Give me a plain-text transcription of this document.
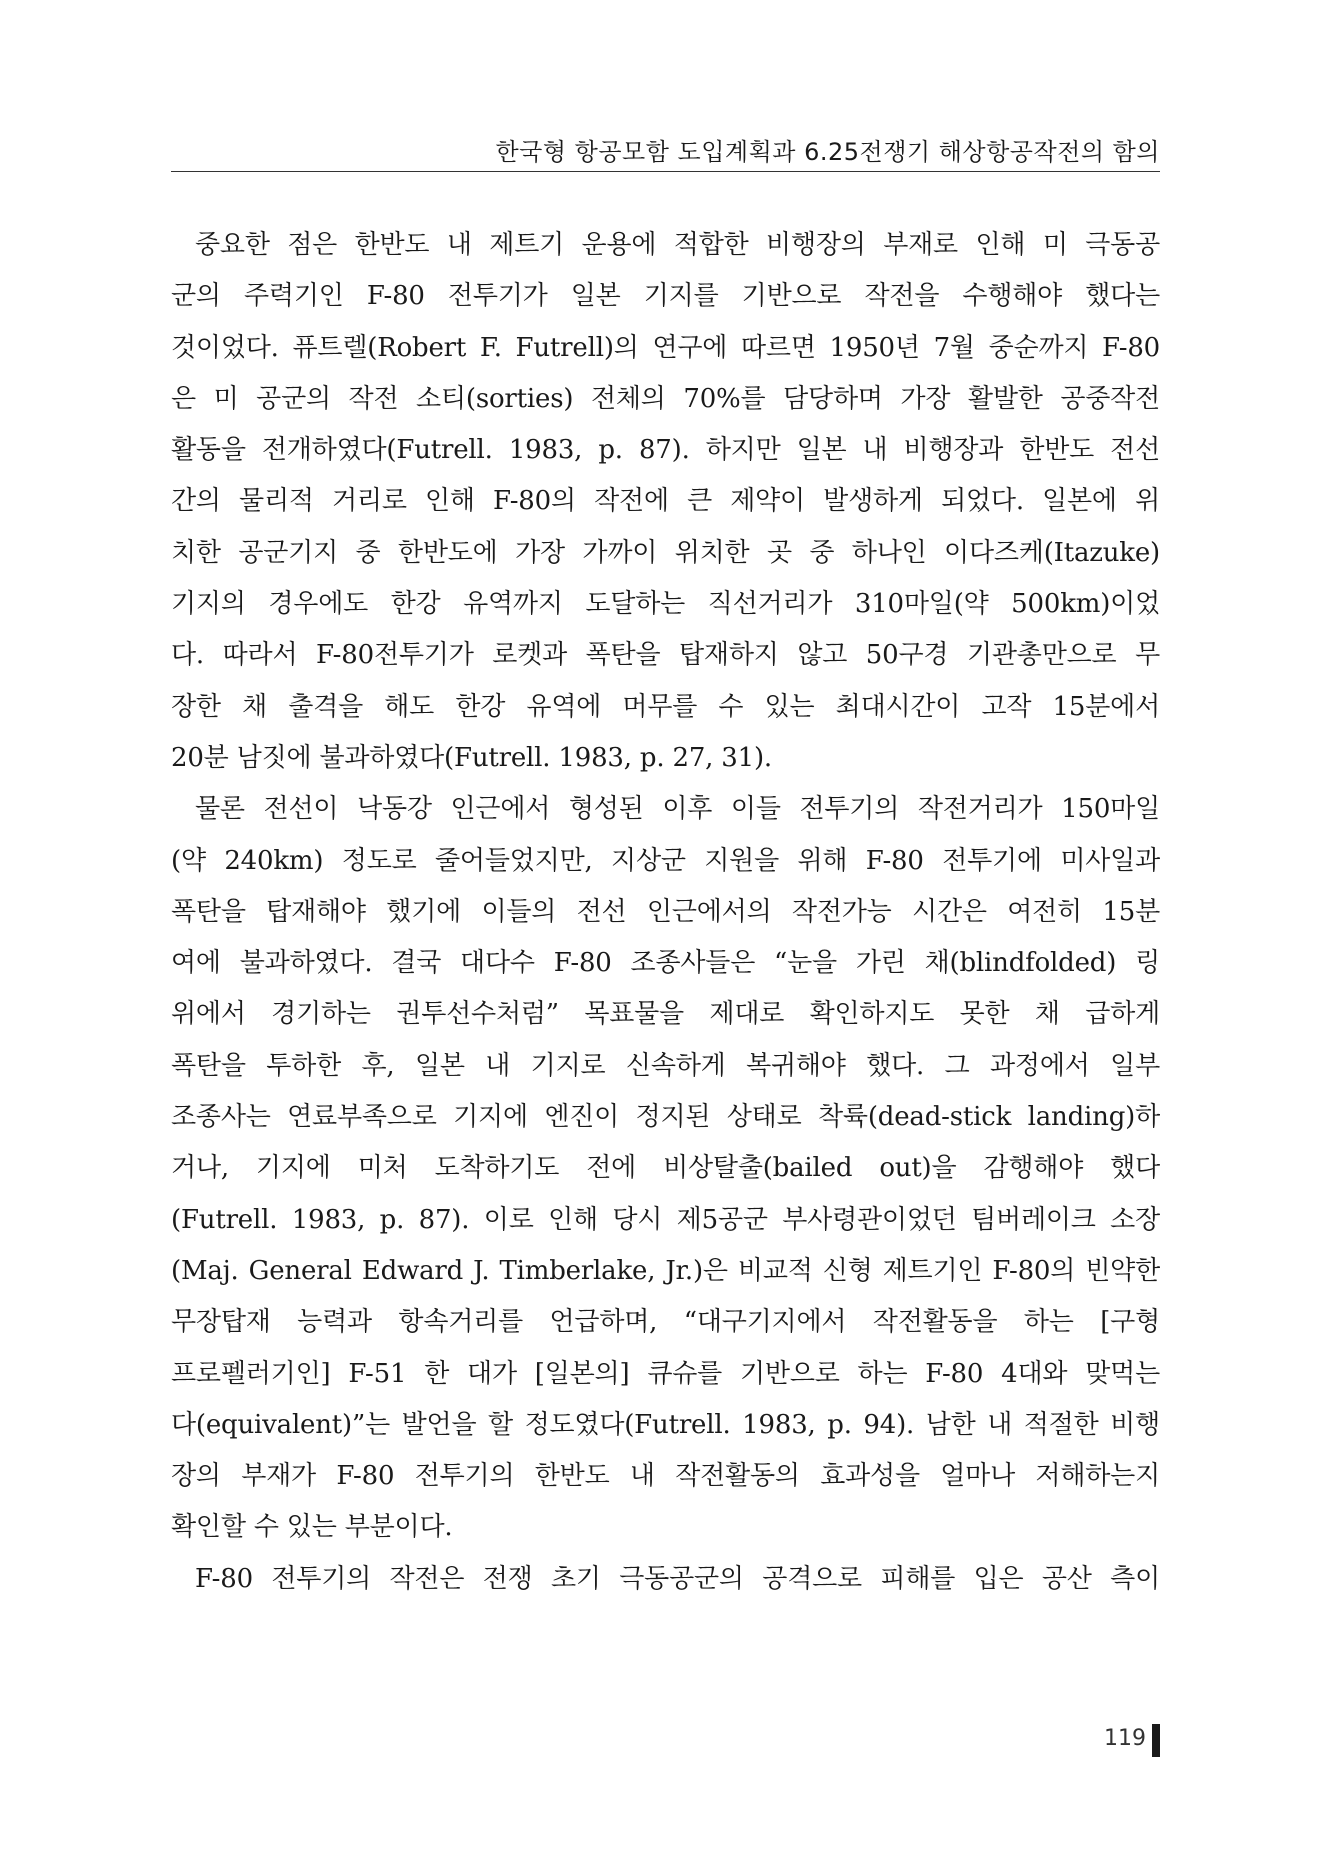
한국형 항공모함 도입계획과 6.25전쟁기 해상항공작전의 함의
중요한 점은 한반도 내 제트기 운용에 적합한 비행장의 부재로 인해 미 극동공
군의 주력기인 F-80 전투기가 일본 기지를 기반으로 작전을 수행해야 했다는
것이었다. 퓨트렐(Robert F. Futrell)의 연구에 따르면 1950년 7월 중순까지 F-80
은 미 공군의 작전 소티(sorties) 전체의 70%를 담당하며 가장 활발한 공중작전
활동을 전개하였다(Futrell. 1983, p. 87). 하지만 일본 내 비행장과 한반도 전선
간의 물리적 거리로 인해 F-80의 작전에 큰 제약이 발생하게 되었다. 일본에 위
치한 공군기지 중 한반도에 가장 가까이 위치한 곳 중 하나인 이다즈케(Itazuke)
기지의 경우에도 한강 유역까지 도달하는 직선거리가 310마일(약 500km)이었
다. 따라서 F-80전투기가 로켓과 폭탄을 탑재하지 않고 50구경 기관총만으로 무
장한 채 출격을 해도 한강 유역에 머무를 수 있는 최대시간이 고작 15분에서
20분 남짓에 불과하였다(Futrell. 1983, p. 27, 31).
물론 전선이 낙동강 인근에서 형성된 이후 이들 전투기의 작전거리가 150마일
(약 240km) 정도로 줄어들었지만, 지상군 지원을 위해 F-80 전투기에 미사일과
폭탄을 탑재해야 했기에 이들의 전선 인근에서의 작전가능 시간은 여전히 15분
여에 불과하였다. 결국 대다수 F-80 조종사들은 “눈을 가린 채(blindfolded) 링
위에서 경기하는 권투선수처럼” 목표물을 제대로 확인하지도 못한 채 급하게
폭탄을 투하한 후, 일본 내 기지로 신속하게 복귀해야 했다. 그 과정에서 일부
조종사는 연료부족으로 기지에 엔진이 정지된 상태로 착륙(dead-stick landing)하
거나, 기지에 미처 도착하기도 전에 비상탈출(bailed out)을 감행해야 했다
(Futrell. 1983, p. 87). 이로 인해 당시 제5공군 부사령관이었던 팀버레이크 소장
(Maj. General Edward J. Timberlake, Jr.)은 비교적 신형 제트기인 F-80의 빈약한
무장탑재 능력과 항속거리를 언급하며, “대구기지에서 작전활동을 하는 [구형
프로펠러기인] F-51 한 대가 [일본의] 큐슈를 기반으로 하는 F-80 4대와 맞먹는
다(equivalent)”는 발언을 할 정도였다(Futrell. 1983, p. 94). 남한 내 적절한 비행
장의 부재가 F-80 전투기의 한반도 내 작전활동의 효과성을 얼마나 저해하는지
확인할 수 있는 부분이다.
F-80 전투기의 작전은 전쟁 초기 극동공군의 공격으로 피해를 입은 공산 측이
119
